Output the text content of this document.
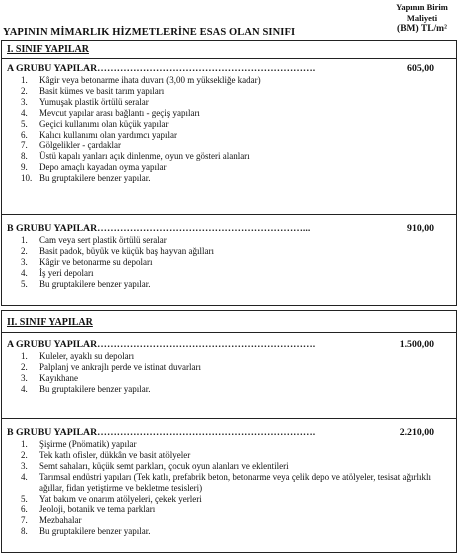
YAPININ MİMARLIK HİZMETLERİNE ESAS OLAN SINIFI
Yapının Birim
Maliyeti
(BM) TL/m²
I. SINIF YAPILAR
A GRUBU YAPILAR………………………………………………………….	605,00
1.	Kâgir veya betonarme ihata duvarı (3,00 m yüksekliğe kadar)
2.	Basit kümes ve basit tarım yapıları
3.	Yumuşak plastik örtülü seralar
4.	Mevcut yapılar arası bağlantı - geçiş yapıları
5.	Geçici kullanımı olan küçük yapılar
6.	Kalıcı kullanımı olan yardımcı yapılar
7.	Gölgelikler - çardaklar
8.	Üstü kapalı yanları açık dinlenme, oyun ve gösteri alanları
9.	Depo amaçlı kayadan oyma yapılar
10. Bu gruptakilere benzer yapılar.
B GRUBU YAPILAR………………………………………………………...	910,00
1.	Cam veya sert plastik örtülü seralar
2.	Basit padok, büyük ve küçük baş hayvan ağılları
3.	Kâgir ve betonarme su depoları
4.	İş yeri depoları
5.	Bu gruptakilere benzer yapılar.
II. SINIF YAPILAR
A GRUBU YAPILAR………………………………………………………….	1.500,00
1.	Kuleler, ayaklı su depoları
2.	Palplanj ve ankrajlı perde ve istinat duvarları
3.	Kayıkhane
4.	Bu gruptakilere benzer yapılar.
B GRUBU YAPILAR………………………………………………………….	2.210,00
1.	Şişirme (Pnömatik) yapılar
2.	Tek katlı ofisler, dükkân ve basit atölyeler
3.	Semt sahaları, küçük semt parkları, çocuk oyun alanları ve eklentileri
4.	Tarımsal endüstri yapıları (Tek katlı, prefabrik beton, betonarme veya çelik depo ve atölyeler, tesisat ağırlıklı ağıllar, fidan yetiştirme ve bekletme tesisleri)
5.	Yat bakım ve onarım atölyeleri, çekek yerleri
6.	Jeoloji, botanik ve tema parkları
7.	Mezbahalar
8.	Bu gruptakilere benzer yapılar.
